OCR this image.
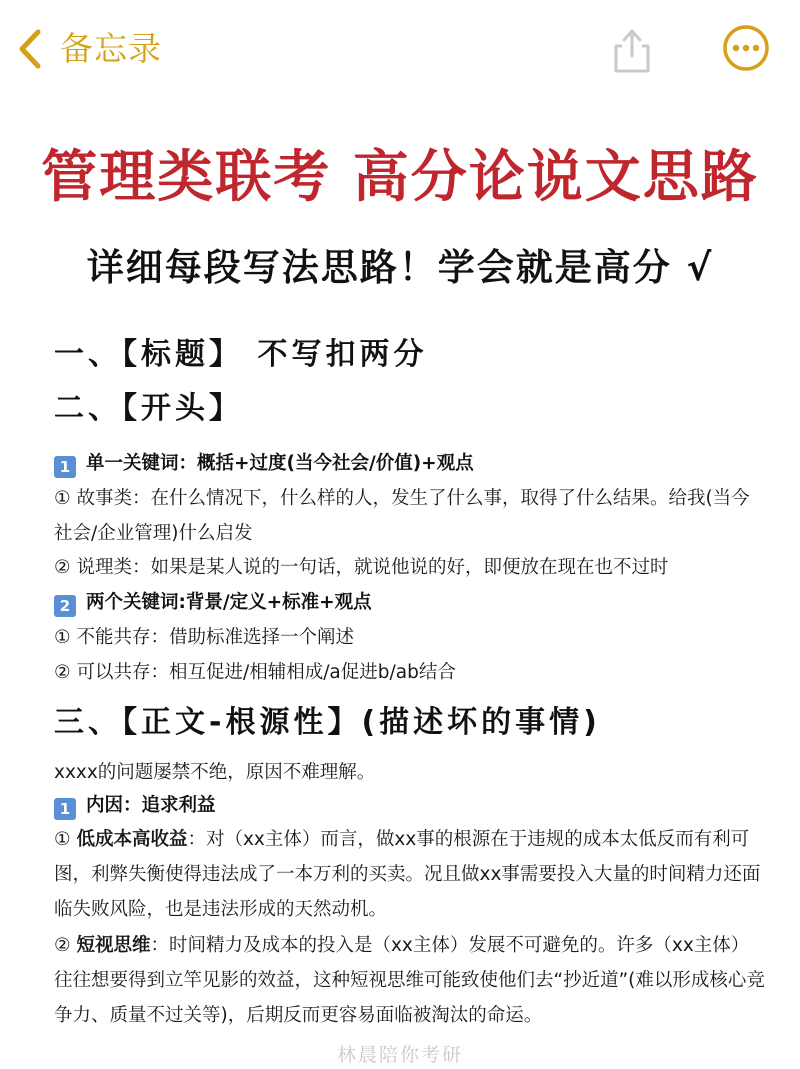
备忘录
管理类联考 高分论说文思路
详细每段写法思路！学会就是高分 √
一、【标题】 不写扣两分
二、【开头】
1 单一关键词：概括+过度(当今社会/价值)+观点
① 故事类：在什么情况下，什么样的人，发生了什么事，取得了什么结果。给我(当今社会/企业管理)什么启发
② 说理类：如果是某人说的一句话，就说他说的好，即便放在现在也不过时
2 两个关键词:背景/定义+标准+观点
① 不能共存：借助标准选择一个阐述
② 可以共存：相互促进/相辅相成/a促进b/ab结合
三、【正文-根源性】(描述坏的事情)
xxxx的问题屡禁不绝，原因不难理解。
1 内因：追求利益
① 低成本高收益：对（xx主体）而言，做xx事的根源在于违规的成本太低反而有利可图，利弊失衡使得违法成了一本万利的买卖。况且做xx事需要投入大量的时间精力还面临失败风险，也是违法形成的天然动机。
② 短视思维：时间精力及成本的投入是（xx主体）发展不可避免的。许多（xx主体）往往想要得到立竿见影的效益，这种短视思维可能致使他们去“抄近道”(难以形成核心竞争力、质量不过关等)，后期反而更容易面临被淘汰的命运。
林晨陪你考研
